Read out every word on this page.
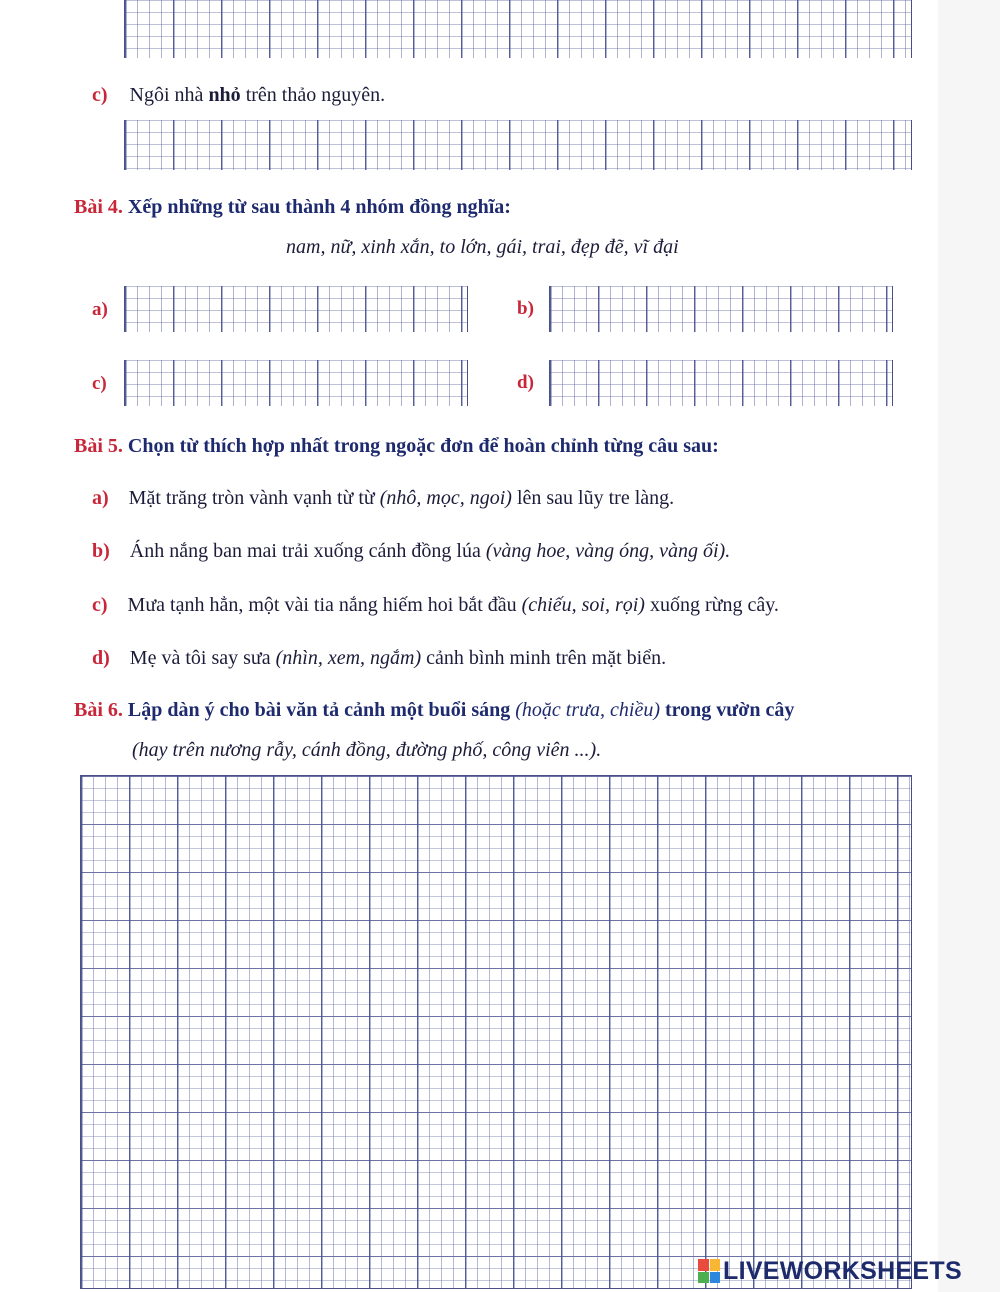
c) Ngôi nhà nhỏ trên thảo nguyên.
Bài 4. Xếp những từ sau thành 4 nhóm đồng nghĩa:
nam, nữ, xinh xắn, to lớn, gái, trai, đẹp đẽ, vĩ đại
a)	b)
c)	d)
Bài 5. Chọn từ thích hợp nhất trong ngoặc đơn để hoàn chỉnh từng câu sau:
a) Mặt trăng tròn vành vạnh từ từ (nhô, mọc, ngoi) lên sau lũy tre làng.
b) Ánh nắng ban mai trải xuống cánh đồng lúa (vàng hoe, vàng óng, vàng ối).
c) Mưa tạnh hẳn, một vài tia nắng hiếm hoi bắt đầu (chiếu, soi, rọi) xuống rừng cây.
d) Mẹ và tôi say sưa (nhìn, xem, ngắm) cảnh bình minh trên mặt biển.
Bài 6. Lập dàn ý cho bài văn tả cảnh một buổi sáng (hoặc trưa, chiều) trong vườn cây
(hay trên nương rẫy, cánh đồng, đường phố, công viên ...).
LIVEWORKSHEETS
